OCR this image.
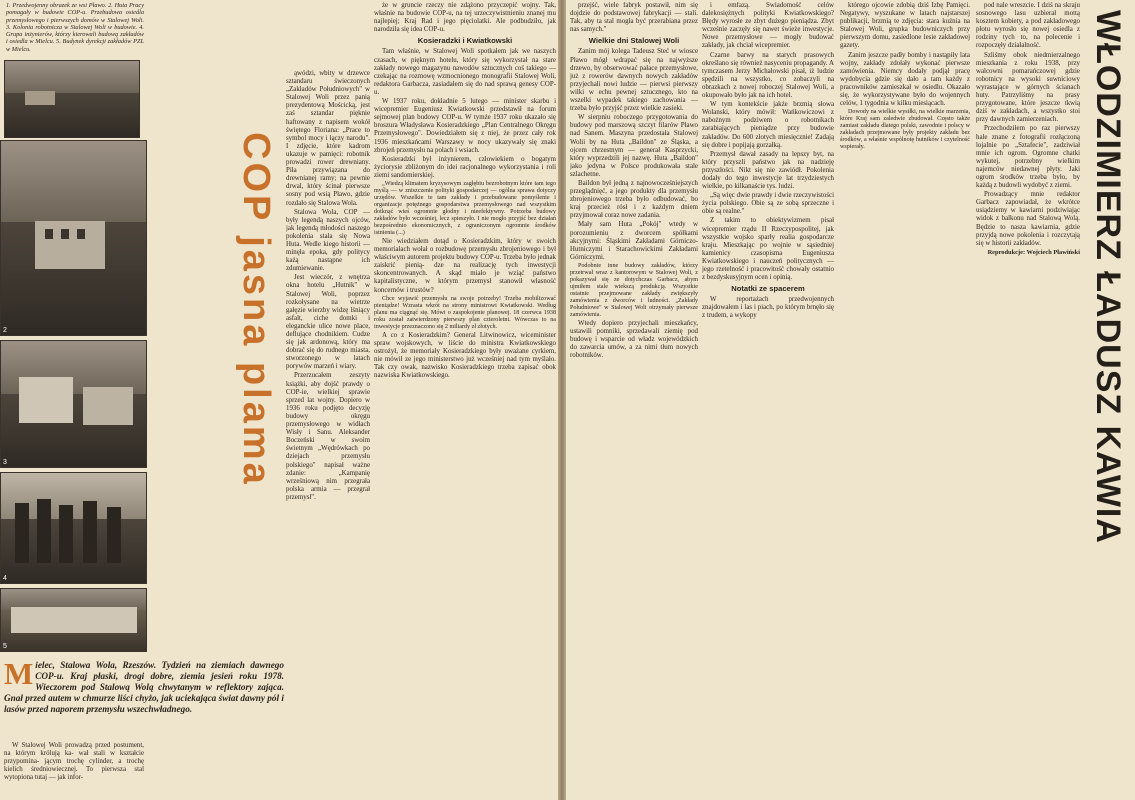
1. Przedwojenny obrazek ze wsi Pławo. 2. Huta Pracy pomagały w budowie COP-u. Przebudowa osiedla przemysłowego i pierwszych domów w Stalowej Woli. 3. Kolonia robotnicza w Stalowej Woli w budowie. 4. Grupa inżynierów, którzy kierowali budową zakładów i osiedla w Mielcu. 5. Budynek dyrekcji zakładów PZL w Mielcu.
2
3
4
5
COP jasna plama

ąwódzi, wbity w drzewce sztandaru świeczonych „Zakładów Południowych" w Stalowej Woli przez panią prezydentową Mościcką, jest zaś sztandar pięknie haftowany z napisem wokół świętego Floriana: „Prace to symbol mocy i łączy narodu". I zdjęcie, które kadrom ukazuje w pamięci: robotnik prowadzi rower drewniany. Piła przywiązana do drewnianej ramy; na pewnie drwal, który ścinał pierwsze sosny pod wsią Pławo, gdzie rozdało się Stalowa Wola.

Stalowa Wola, COP — były legendą naszych ojców, jak legendą młodości naszego pokolenia stała się Nowa Huta. Wedle kiego historii — minęła epoka, gdy politycy każą nastąpne ich zdumiewanie.

Jest wieczór, z wnętrza okna hotelu „Hutnik" w Stalowej Woli, poprzez rozkołysane na wietrze gałęzie wierzby widzę lśniący asfalt, ciche domki i eleganckie ulice nowe place, deflujące chodnikiem. Cudze się jak ardonową, który ma dobrać się do rudnego miasta, stworzonego w latach porywów marzeń i wiary.

Przerzucałem zeszyty książki, aby dojść prawdy o COP-ie, wielkiej sprawie sprzed lat wojny. Dopiero w 1936 roku podjęto decyzję budowy okręgu przemysłowego w widłach Wisły i Sanu. Aleksander Boczeński w swoim świetnym „Wędrówkach po dziejach przemysłu polskiego" napisał ważne zdanie: „Kampanię wrześniową nim przegrała polska armia — przegrał przemysł".

że w gruncie rzeczy nie zdążono przyczepić wojny. Tak, właśnie na budowie COP-u, na tej urzeczywistnieniu znanej mu najlepiej; Kraj Rad i jego pięciolatki. Ale podbudziło, jak narodziła się idea COP-u.

Kosieradzki i Kwiatkowski

Tam właśnie, w Stalowej Woli spotkałem jak we naszych czasach, w pięknym hotelu, który się wykorzystał na stare zakłady nowego magazynu nawodów sztucznych coś takiego — czekając na rozmowę wzmocnionego monografii Stalowej Woli, redaktora Garbacza, zasiadałem się do nad sprawą genesy COP-u.

W 1937 roku, dokładnie 5 lutego — minister skarbu i wicepremier Eugeniusz Kwiatkowski przedstawił na forum sejmowej plan budowy COP-u. W tymże 1937 roku ukazało się broszura Władysława Kosieradzkiego „Plan Centralnego Okręgu Przemysłowego". Dowiedziałem się z niej, że przez cały rok 1936 mieszkańcami Warszawy w nocy ukazywały się znaki zbrojeń przemysłu na polach i wsiach.

Kosieradzki był inżynierem, człowiekiem o bogatym życiorysie zbliżonym do idei racjonalnego wykorzystania i roli ziemi sandomierskiej.

„Wiedzą klimatem kryzysowym zagłębiu bezrobotnym które tam tego myślą — w zniszczenie polityki gospodarczej — ogólna sprawa dotyczy urzędów. Wszelkie te tam zakłady i przebudowane pomyślenie i organizacje potężnego gospodarstwa przemysłowego nad wszystkim dotknąć wieś ogromnie głodny i nieefektywny. Potrzeba budowy zakładów było wcześniej, lecz spieszyło. I nie mogło przyjść bez działań bezpośrednio ekonomicznych, z ograniczonym ogromnie środków istnienia (...)

Nie wiedziałem dotąd o Kosieradzkim, który w swoich memoriałach wołał o rozbudowę przemysłu zbrojeniowego i był właściwym autorem projektu budowy COP-u. Trzeba było jednak zaiskrić pienią- dze na realizację tych inwestycji skoncentrowanych. A skąd miało je wziąć państwo kapitalistyczne, w którym przemysł stanowił własność koncernów i trustów?

Chce wyjawić przemysłu na swoje potrzeby! Trzeba mobilizować pieniądze! Wzrasta wkrót na strony ministrowi Kwiatkowski. Według planu ma ciągnąć się. Mówi o zaspokojenie planowej. 18 czerwca 1938 roku został zatwierdzony pierwszy plan czteroletni. Wówczas to na inwestycje przeznaczono się 2 miliardy zł złotych.

A co z Kosieradzkim? General Litwinowicz, wiceminister spraw wojskowych, w liście do ministra Kwiatkowskiego ostrożył, że memoriały Kosieradzkiego były uważane cyrkiem, nie mówił ze jego ministerstwo już wcześniej nad tym myślało. Tak czy owak, nazwisko Kosieradzkiego trzeba zapisać obok nazwiska Kwiatkowskiego.

M ielec, Stalowa Wola, Rzeszów. Tydzień na ziemiach dawnego COP-u. Kraj płaski, drogi dobre, ziemia jesień roku 1978. Wieczorem pod Stalową Wolą chwytanym w reflektory zająca. Gnał przed autem w chmurze liści chyżo, jak uciekająca świat dawny pól i lasów przed naporem przemysłu wszechwładnego.

W Stalowej Woli prowadzą przed postument, na którym królują ka- wał stali w kształcie przypomina- jącym trochę cylinder, a trochę kielich średniowiecznej. To pierwsza stal wytopiona tutaj — jak infor-

przejść, wiele fabryk postawił, nim się dojdzie do podstawowej fabrykacji — stali. Tak, aby ta stal mogła być przerabiana przez nas samych."

Wielkie dni Stalowej Woli

Zanim mój kolega Tadeusz Steć w wiosce Pławo mógł wdrapać się na najwyższe drzewo, by obserwować pałace przemysłowe, już z rowerów dawnych nowych zakładów przyjechali nowi ludzie — pierwsi pierwszy wilki w echu pewnej sztucznego, kto na wszelki wypadek takiego zachowania — trzeba było przyjść przez wielkie zasieki.

W sierpniu roboczego przygotowania do budowy pod marszową szczyt filarów Pławo nad Sanem. Maszyna przedostała Stalowej Wolii by na Huta „Baildon" ze Śląska, a ojcem chrzestnym — generał Kasprzycki, który wyprzedzili jej nazwę. Huta „Baildon" jako jedyna w Polsce produkowała stale szlachetne.

Baildon był jedną z najnowocześniejszych przeglądnięć, a jego produkty dla przemysłu zbrojeniowego trzeba było odbudować, bo kraj przecież rósł i z każdym dniem przyjmował coraz nowe zadania.

Mały sam Huta „Pokój" wtedy w porozumieniu z dworcem spółkami akcyjnymi: Śląskimi Zakładami Górniczo-Hutniczymi i Starachowickimi Zakładami Górniczymi.

Podobnie inne budowy zakładów, którzy przetrwał wraz z kantorowym w Stalowej Woli, z pokazywał się ze dotychczas Garbacz, abym ujmiłem stale wiekszą produkcją. Wszystkie ostatnie przejmowane zakłady zwiększyły zamówienia z dworców i ludności. „Zakłady Południowe" w Stalowej Woli otrzymały pierwsze zamówienia.

Wtedy dopiero przyjechali mieszkańcy, ustawili pomniki, sprzedawali ziemię pod budowę i wsparcie od władz wojewódzkich do zawarcia umów, a za nimi tłum nowych robotników.

i emfazą. Świadomość celów dalekosiężnych polityki Kwiatkowskiego? Błędy wyrosłe ze zbyt dużego pieniądza. Zbyt wcześnie zaczęły się nawet świeże inwestycje. Nowe przemysłowe — mogły budować zakłady, jak chciał wicepremier.

Czarne barwy na starych prasowych określano się również nasyceniu propagandy. A tymczasem Jerzy Michałowski pisał, iż ludzie spędzili na wszystko, co zobaczyli na obrazkach z nowej roboczej Stalowej Woli, a okupowało było jak na ich hotel.

W tym kontekście jakże brzmią słowa Wolanski, który mówił: Wańkowiczowi z nabożnym podziwem o robotnikach zarabiających pieniądze przy budowie zakładów. Do 600 złotych miesięcznie! Zadają się dobre i popijają gorzałką.

Przemysł dawał zasady na lepszy byt, na który przyszli państwo jak na nadzieję przyszłości. Nikt się nie zawiódł. Pokolenia dodały do tego inwestycje lat trzydziestych wielkie, po kilkanaście tys. ludzi.

„Są więc dwie prawdy i dwie rzeczywistości życia polskiego. Obie są ze sobą sprzeczne i obie są realne."

Z takim to obiektywizmem pisał wicepremier rządu II Rzeczypospolitej, jak wszystkie wojsko sparły realia gospodarcze kraju. Mieszkając po wojnie w sąsiedniej kamienicy czasopisma Eugeniusza Kwiatkowskiego i nauczeń politycznych — jego rzetelność i pracowitość chowały ostatnio z bezdyskusyjnym ocen i opinią.

Notatki ze spacerem

W reportażach przedwojennych znajdowałem i las i piach, po którym brnęło się z trudem, a wykopy

którego ojcowie zdobią dziś Izbę Pamięci. Negatywy, wyszukane w latach najstarszej publikacji, brzmią te zdjęcia: stara kuźnia na Stalowej Woli, grupka budowniczych przy pierwszym domu, zasiedlone lesie zakładowej gazety.

Zanim jeszcze padły bomby i nastąpiły lata wojny, zakłady zdołały wykonać pierwsze zamówienia. Niemcy dodały podjął pracę wydobycia gdzie się dało a tam każdy z pracowników zamieszkał w osiedlu. Okazało się, że wykorzystywane było do wojennych celów, 1 tygodnia w kilku miesiącach.

Dowody na wielkie wysiłki, na wielkie marzenia, które Kraj sam zaledwie zbudował. Często także zamiast zakładu dlatego polski, zawodnie i polscy w zakładach przejmowane były projekty zakładu bez środków, a właśnie wspólnotę hutników i czytelność wspierały.

pod nale wreszcie. I dziś na skraju sosnowego lasu uzbierał mottą kosztem kobiety, a pod zakładowego płotu wyrosło się nowej osiedla z rodziny tych to, na polecenie i rozpoczęły działalność.

Szliśmy obok niedmierzalnego mieszkania z roku 1938, przy walcowni pomarańczowej gdzie robotnicy na wysoki suwniciowy wyrastające w górnych ścianach huty. Patrzyliśmy na prasy przygotowane, które jeszcze tkwią dziś w zakładach, a wszystko stoi przy dawnych zamierzeniach.

Przechodziłem po raz pierwszy hale znane z fotografii rozłączoną lojalnie po „Sztafecie", zadziwiał mnie ich ogrom. Ogromne chatki wykutej, potrzebny wielkim najemców niedawnej płyty. Jaki ogrom środków trzeba było, by każdą z budowli wydobyć z ziemi.

Prowadzący mnie redaktor Garbacz zapowiadał, że wkrótce usiądziemy w kawiarni podziwiając widok z balkonu nad Stalową Wolą. Będzie to nasza kawiarnia, gdzie przyjdą nowe pokolenia i rozczytają się w historii zakładów.

Reprodukcje: Wojciech Pławiński WŁODZIMIERZ ŁADUSZ KAWIA
